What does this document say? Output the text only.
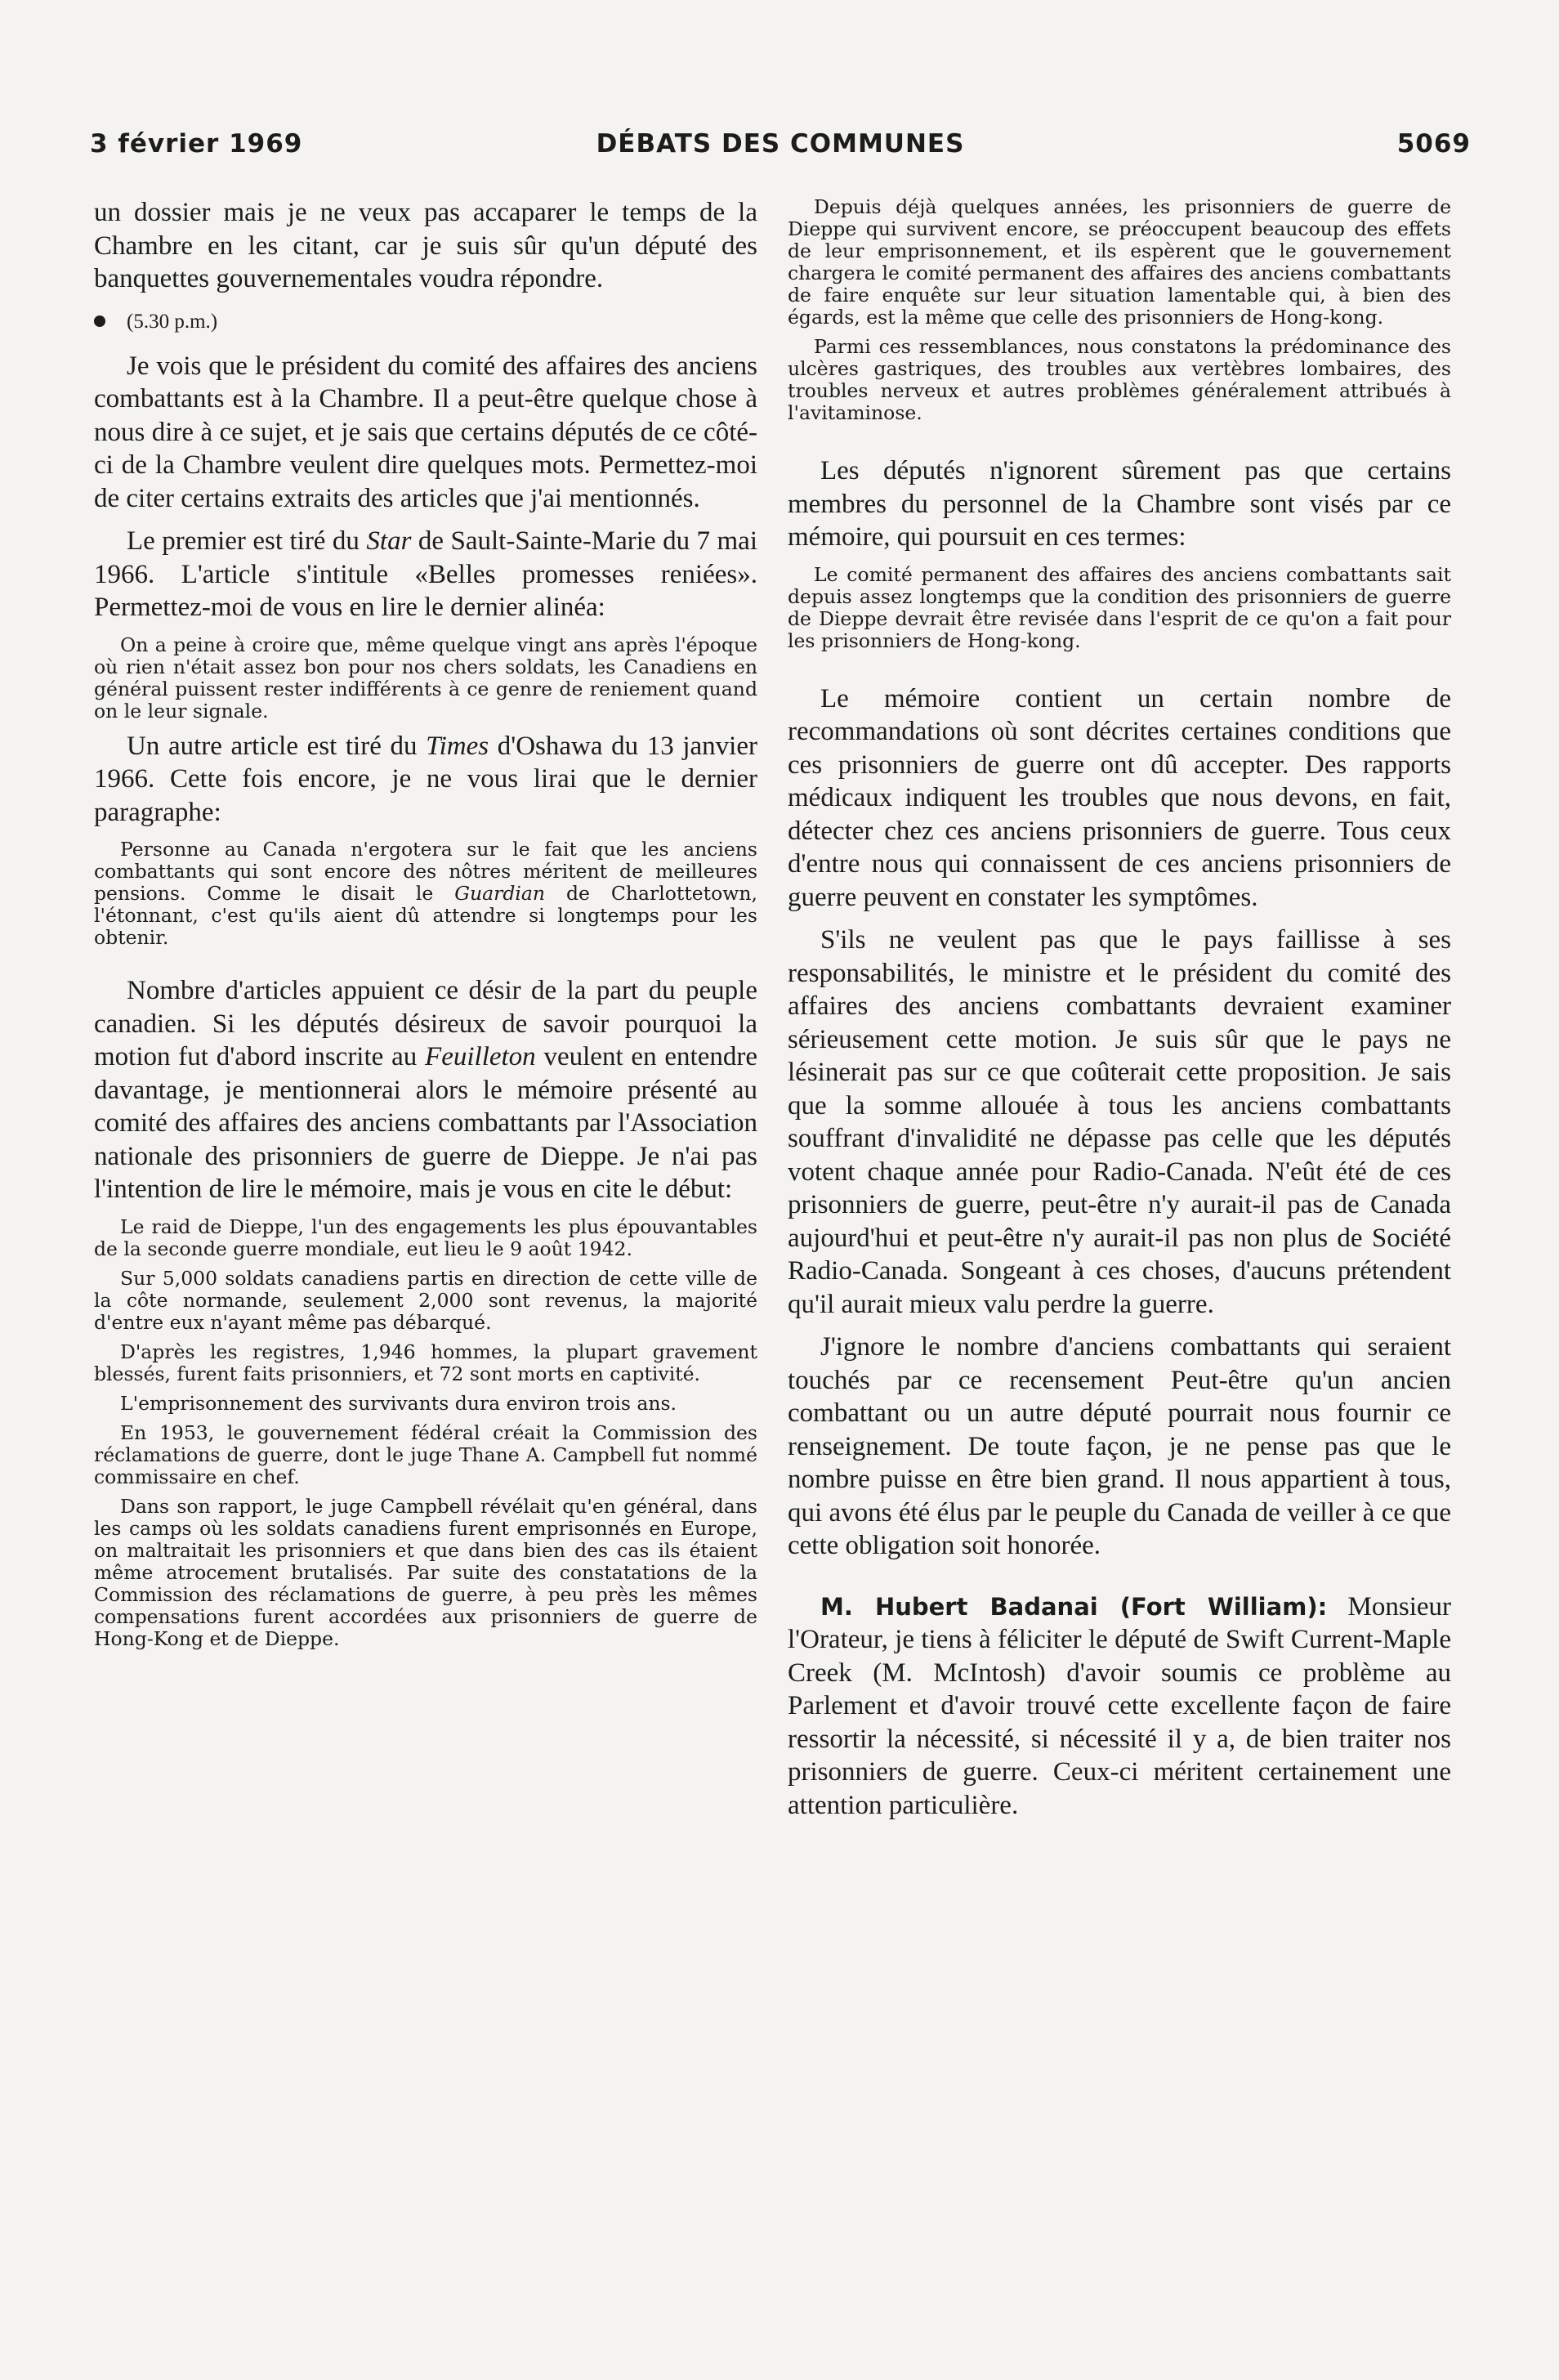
3 février 1969	DÉBATS DES COMMUNES	5069

un dossier mais je ne veux pas accaparer le temps de la Chambre en les citant, car je suis sûr qu'un député des banquettes gouvernementales voudra répondre.

(5.30 p.m.)

Je vois que le président du comité des affaires des anciens combattants est à la Chambre. Il a peut-être quelque chose à nous dire à ce sujet, et je sais que certains députés de ce côté-ci de la Chambre veulent dire quelques mots. Permettez-moi de citer certains extraits des articles que j'ai mentionnés.

Le premier est tiré du Star de Sault-Sainte-Marie du 7 mai 1966. L'article s'intitule «Belles promesses reniées». Permettez-moi de vous en lire le dernier alinéa:

On a peine à croire que, même quelque vingt ans après l'époque où rien n'était assez bon pour nos chers soldats, les Canadiens en général puissent rester indifférents à ce genre de reniement quand on le leur signale.

Un autre article est tiré du Times d'Oshawa du 13 janvier 1966. Cette fois encore, je ne vous lirai que le dernier paragraphe:

Personne au Canada n'ergotera sur le fait que les anciens combattants qui sont encore des nôtres méritent de meilleures pensions. Comme le disait le Guardian de Charlottetown, l'étonnant, c'est qu'ils aient dû attendre si longtemps pour les obtenir.

Nombre d'articles appuient ce désir de la part du peuple canadien. Si les députés désireux de savoir pourquoi la motion fut d'abord inscrite au Feuilleton veulent en entendre davantage, je mentionnerai alors le mémoire présenté au comité des affaires des anciens combattants par l'Association nationale des prisonniers de guerre de Dieppe. Je n'ai pas l'intention de lire le mémoire, mais je vous en cite le début:

Le raid de Dieppe, l'un des engagements les plus épouvantables de la seconde guerre mondiale, eut lieu le 9 août 1942.

Sur 5,000 soldats canadiens partis en direction de cette ville de la côte normande, seulement 2,000 sont revenus, la majorité d'entre eux n'ayant même pas débarqué.

D'après les registres, 1,946 hommes, la plupart gravement blessés, furent faits prisonniers, et 72 sont morts en captivité.

L'emprisonnement des survivants dura environ trois ans.

En 1953, le gouvernement fédéral créait la Commission des réclamations de guerre, dont le juge Thane A. Campbell fut nommé commissaire en chef.

Dans son rapport, le juge Campbell révélait qu'en général, dans les camps où les soldats canadiens furent emprisonnés en Europe, on maltraitait les prisonniers et que dans bien des cas ils étaient même atrocement brutalisés. Par suite des constatations de la Commission des réclamations de guerre, à peu près les mêmes compensations furent accordées aux prisonniers de guerre de Hong-Kong et de Dieppe.

Depuis déjà quelques années, les prisonniers de guerre de Dieppe qui survivent encore, se préoccupent beaucoup des effets de leur emprisonnement, et ils espèrent que le gouvernement chargera le comité permanent des affaires des anciens combattants de faire enquête sur leur situation lamentable qui, à bien des égards, est la même que celle des prisonniers de Hong-kong.

Parmi ces ressemblances, nous constatons la prédominance des ulcères gastriques, des troubles aux vertèbres lombaires, des troubles nerveux et autres problèmes généralement attribués à l'avitaminose.

Les députés n'ignorent sûrement pas que certains membres du personnel de la Chambre sont visés par ce mémoire, qui poursuit en ces termes:

Le comité permanent des affaires des anciens combattants sait depuis assez longtemps que la condition des prisonniers de guerre de Dieppe devrait être revisée dans l'esprit de ce qu'on a fait pour les prisonniers de Hong-kong.

Le mémoire contient un certain nombre de recommandations où sont décrites certaines conditions que ces prisonniers de guerre ont dû accepter. Des rapports médicaux indiquent les troubles que nous devons, en fait, détecter chez ces anciens prisonniers de guerre. Tous ceux d'entre nous qui connaissent de ces anciens prisonniers de guerre peuvent en constater les symptômes.

S'ils ne veulent pas que le pays faillisse à ses responsabilités, le ministre et le président du comité des affaires des anciens combattants devraient examiner sérieusement cette motion. Je suis sûr que le pays ne lésinerait pas sur ce que coûterait cette proposition. Je sais que la somme allouée à tous les anciens combattants souffrant d'invalidité ne dépasse pas celle que les députés votent chaque année pour Radio-Canada. N'eût été de ces prisonniers de guerre, peut-être n'y aurait-il pas de Canada aujourd'hui et peut-être n'y aurait-il pas non plus de Société Radio-Canada. Songeant à ces choses, d'aucuns prétendent qu'il aurait mieux valu perdre la guerre.

J'ignore le nombre d'anciens combattants qui seraient touchés par ce recensement Peut-être qu'un ancien combattant ou un autre député pourrait nous fournir ce renseignement. De toute façon, je ne pense pas que le nombre puisse en être bien grand. Il nous appartient à tous, qui avons été élus par le peuple du Canada de veiller à ce que cette obligation soit honorée.

M. Hubert Badanai (Fort William): Monsieur l'Orateur, je tiens à féliciter le député de Swift Current-Maple Creek (M. McIntosh) d'avoir soumis ce problème au Parlement et d'avoir trouvé cette excellente façon de faire ressortir la nécessité, si nécessité il y a, de bien traiter nos prisonniers de guerre. Ceux-ci méritent certainement une attention particulière.
